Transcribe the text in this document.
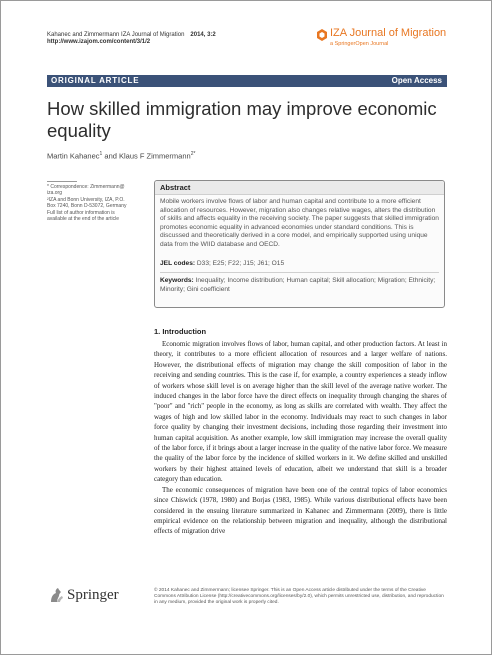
Kahanec and Zimmermann IZA Journal of Migration 2014, 3:2
http://www.izajom.com/content/3/1/2
IZA Journal of Migration
a SpringerOpen Journal
ORIGINAL ARTICLE	Open Access
How skilled immigration may improve economic equality
Martin Kahanec$^1$ and Klaus F Zimmermann$^{2*}$
* Correspondence: Zimmermann@
iza.org
²IZA and Bonn University, IZA, P.O.
Box 7240, Bonn D-53072, Germany
Full list of author information is
available at the end of the article
Abstract
Mobile workers involve flows of labor and human capital and contribute to a more efficient allocation of resources. However, migration also changes relative wages, alters the distribution of skills and affects equality in the receiving society. The paper suggests that skilled immigration promotes economic equality in advanced economies under standard conditions. This is discussed and theoretically derived in a core model, and empirically supported using unique data from the WIID database and OECD.
JEL codes: D33; E25; F22; J15; J61; O15
Keywords: Inequality; Income distribution; Human capital; Skill allocation; Migration; Ethnicity; Minority; Gini coefficient
1. Introduction

Economic migration involves flows of labor, human capital, and other production factors. At least in theory, it contributes to a more efficient allocation of resources and a larger welfare of nations. However, the distributional effects of migration may change the skill composition of labor in the receiving and sending countries. This is the case if, for example, a country experiences a steady inflow of workers whose skill level is on average higher than the skill level of the average native worker. The induced changes in the labor force have the direct effects on inequality through changing the shares of "poor" and "rich" people in the economy, as long as skills are correlated with wealth. They affect the wages of high and low skilled labor in the economy. Individuals may react to such changes in labor force quality by changing their investment decisions, including those regarding their investment into human capital acquisition. As another example, low skill immigration may increase the overall quality of the labor force, if it brings about a larger increase in the quality of the native labor force. We measure the quality of the labor force by the incidence of skilled workers in it. We define skilled and unskilled workers by their highest attained levels of education, albeit we understand that skill is a broader category than education.

The economic consequences of migration have been one of the central topics of labor economics since Chiswick (1978, 1980) and Borjas (1983, 1985). While various distributional effects have been considered in the ensuing literature summarized in Kahanec and Zimmermann (2009), there is little empirical evidence on the relationship between migration and inequality, although the distributional effects of migration drive

Springer	© 2014 Kahanec and Zimmermann; licensee Springer. This is an Open Access article distributed under the terms of the Creative Commons Attribution License (http://creativecommons.org/licenses/by/2.0), which permits unrestricted use, distribution, and reproduction in any medium, provided the original work is properly cited.
